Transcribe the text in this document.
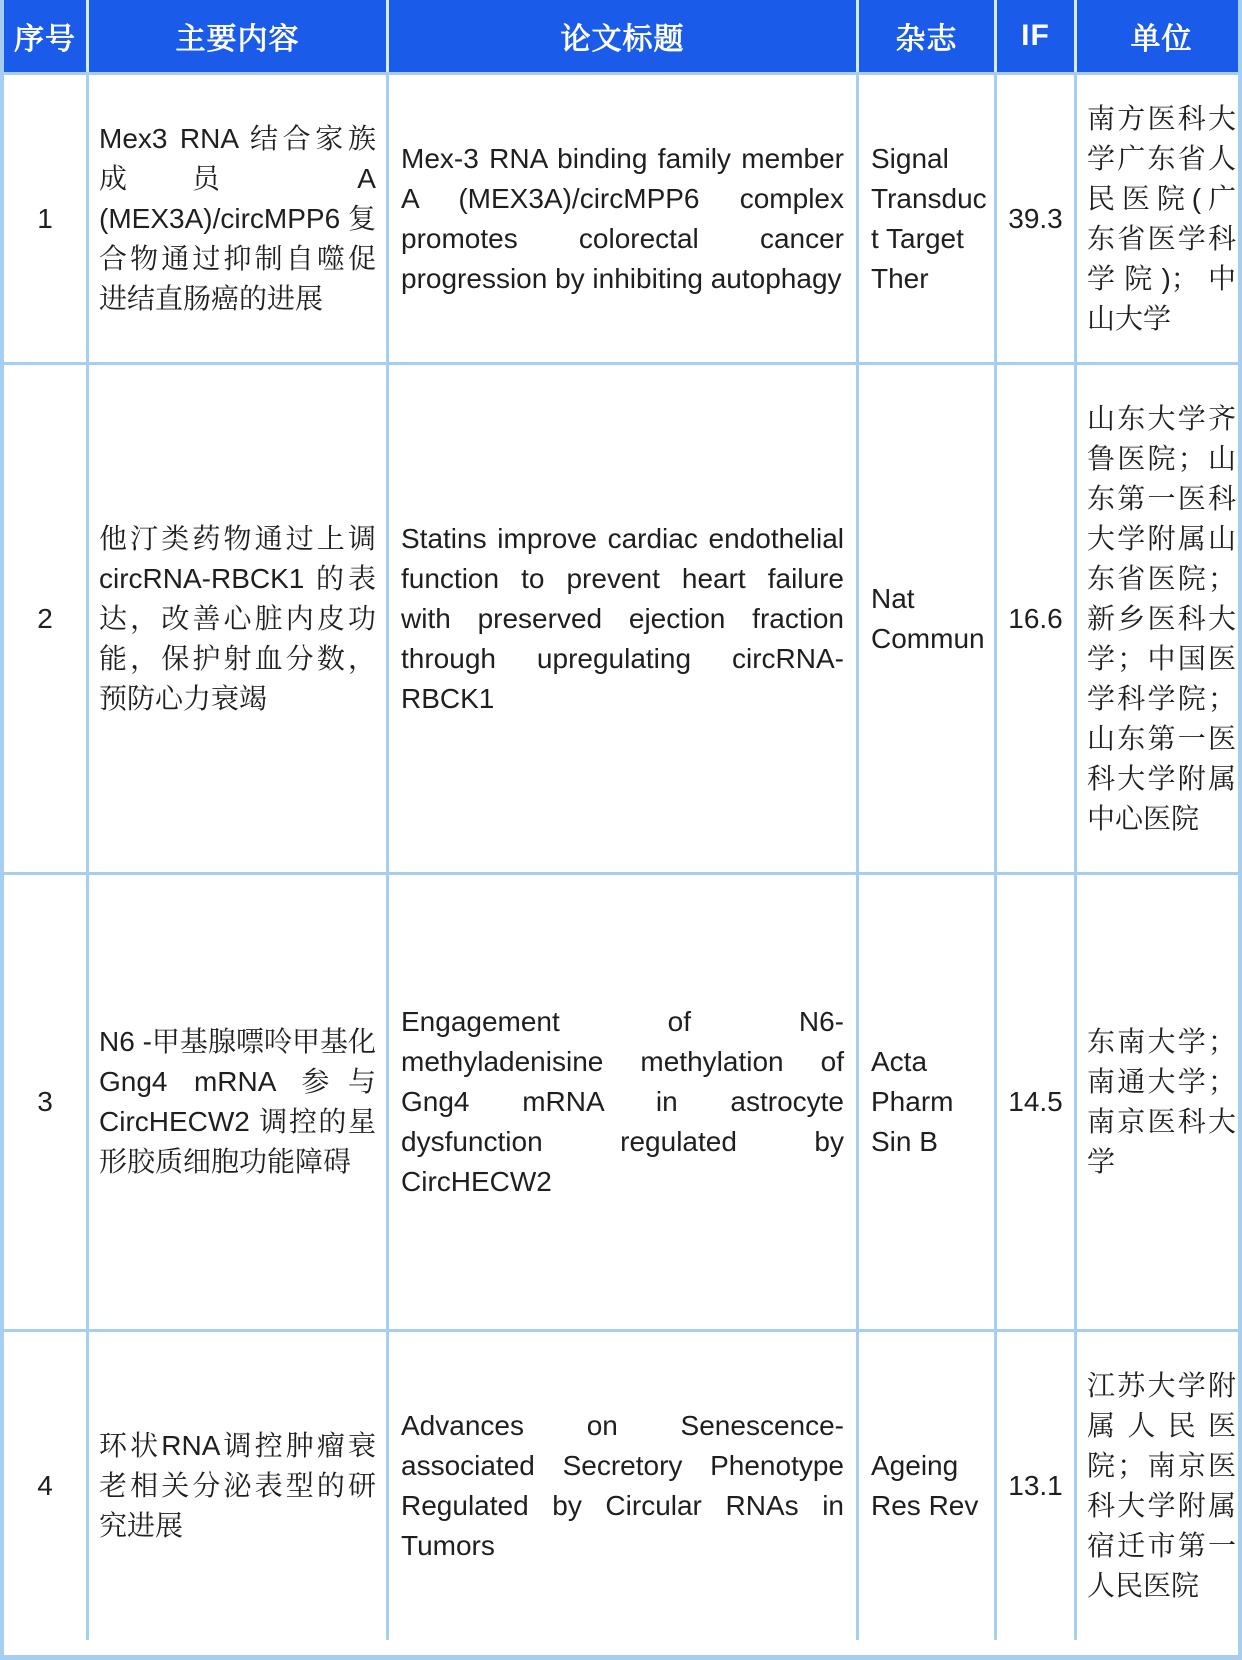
序号	主要内容	论文标题	杂志	IF	单位
1	Mex3 RNA 结合家族成员 A (MEX3A)/circMPP6 复合物通过抑制自噬促进结直肠癌的进展	Mex-3 RNA binding family member A (MEX3A)/circMPP6 complex promotes colorectal cancer progression by inhibiting autophagy	Signal Transduct Target Ther	39.3	南方医科大学广东省人民医院(广东省医学科学院)；中山大学
2	他汀类药物通过上调 circRNA-RBCK1 的表达，改善心脏内皮功能，保护射血分数，预防心力衰竭	Statins improve cardiac endothelial function to prevent heart failure with preserved ejection fraction through upregulating circRNA-RBCK1	Nat Commun	16.6	山东大学齐鲁医院；山东第一医科大学附属山东省医院；新乡医科大学；中国医学科学院；山东第一医科大学附属中心医院
3	N6 -甲基腺嘌呤甲基化 Gng4 mRNA 参与 CircHECW2 调控的星形胶质细胞功能障碍	Engagement of N6-methyladenisine methylation of Gng4 mRNA in astrocyte dysfunction regulated by CircHECW2	Acta Pharm Sin B	14.5	东南大学；南通大学；南京医科大学
4	环状RNA调控肿瘤衰老相关分泌表型的研究进展	Advances on Senescence-associated Secretory Phenotype Regulated by Circular RNAs in Tumors	Ageing Res Rev	13.1	江苏大学附属人民医院；南京医科大学附属宿迁市第一人民医院
